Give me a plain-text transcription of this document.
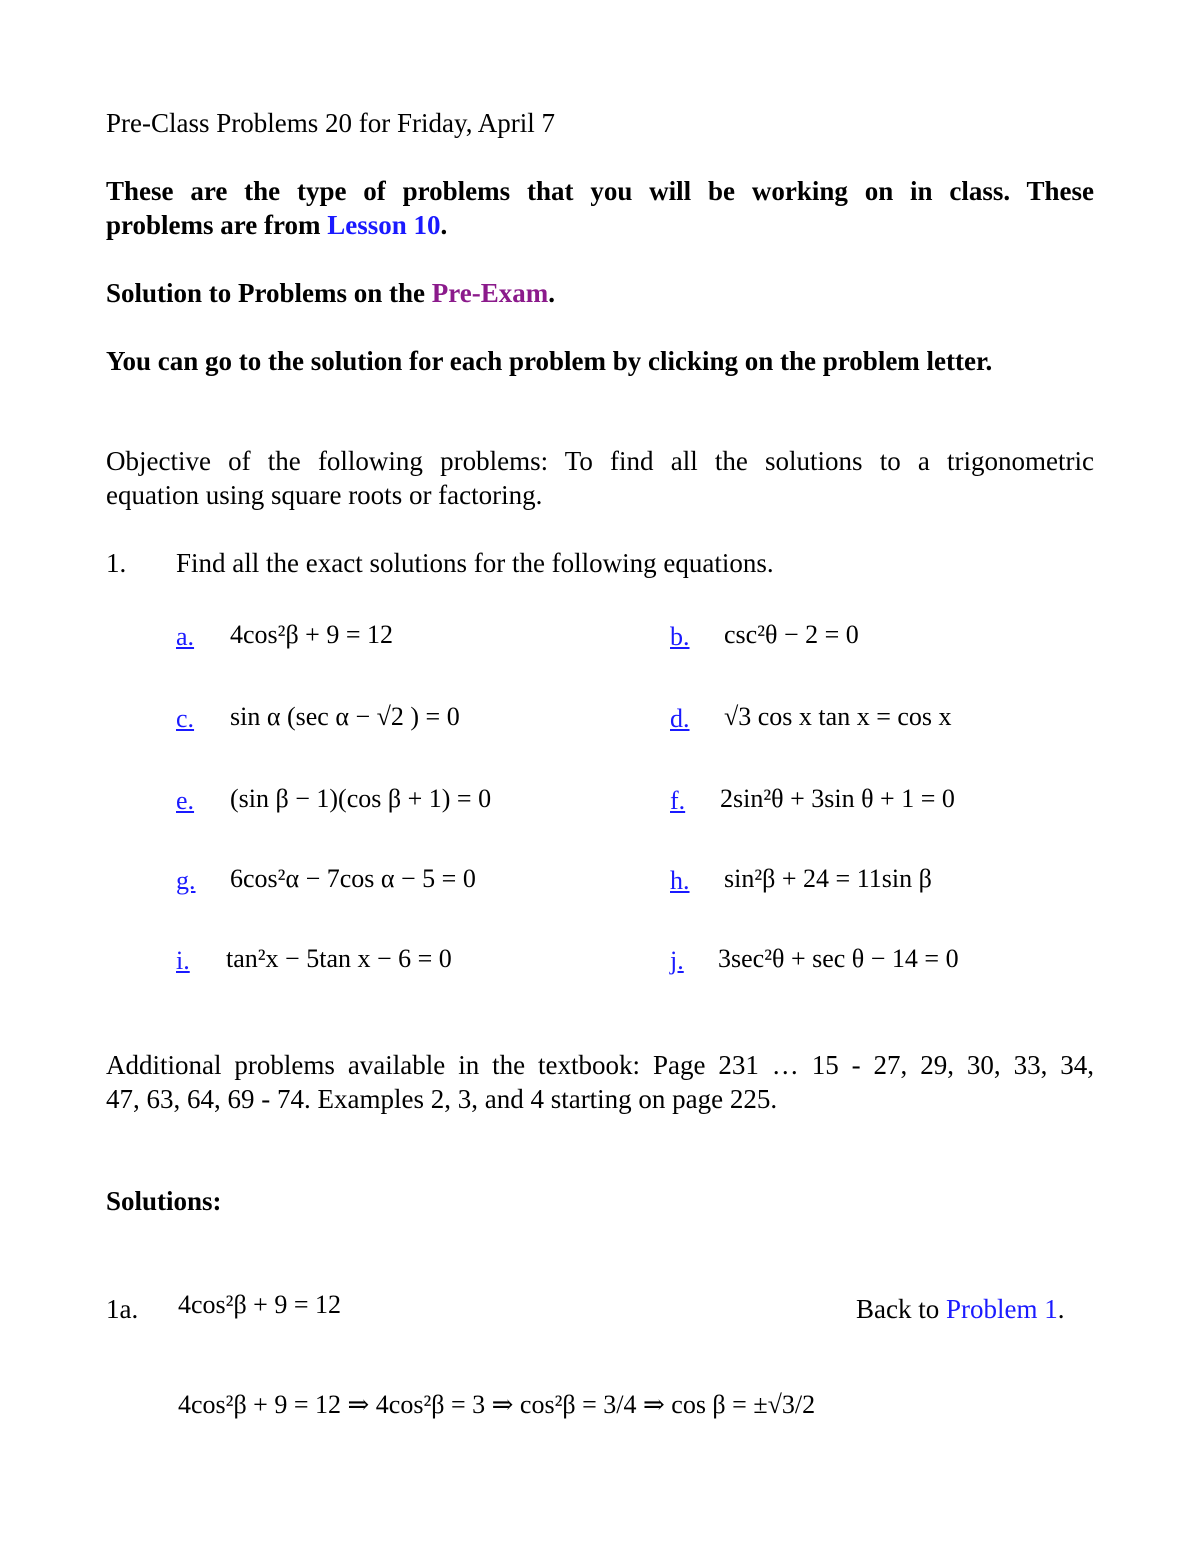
Pre-Class Problems 20 for Friday, April 7
These are the type of problems that you will be working on in class. These
problems are from Lesson 10.
Solution to Problems on the Pre-Exam.
You can go to the solution for each problem by clicking on the problem letter.
Objective of the following problems: To find all the solutions to a trigonometric
equation using square roots or factoring.
1. Find all the exact solutions for the following equations.
a. 4cos²β + 9 = 12	b. csc²θ − 2 = 0
c. sin α (sec α − √2 ) = 0	d. √3 cos x tan x = cos x
e. (sin β − 1)(cos β + 1) = 0	f. 2sin²θ + 3sin θ + 1 = 0
g. 6cos²α − 7cos α − 5 = 0	h. sin²β + 24 = 11sin β
i. tan²x − 5tan x − 6 = 0	j. 3sec²θ + sec θ − 14 = 0
Additional problems available in the textbook: Page 231 … 15 - 27, 29, 30, 33, 34,
47, 63, 64, 69 - 74. Examples 2, 3, and 4 starting on page 225.
Solutions:
1a. 4cos²β + 9 = 12	Back to Problem 1.
4cos²β + 9 = 12 ⇒ 4cos²β = 3 ⇒ cos²β = 3/4 ⇒ cos β = ±√3/2
